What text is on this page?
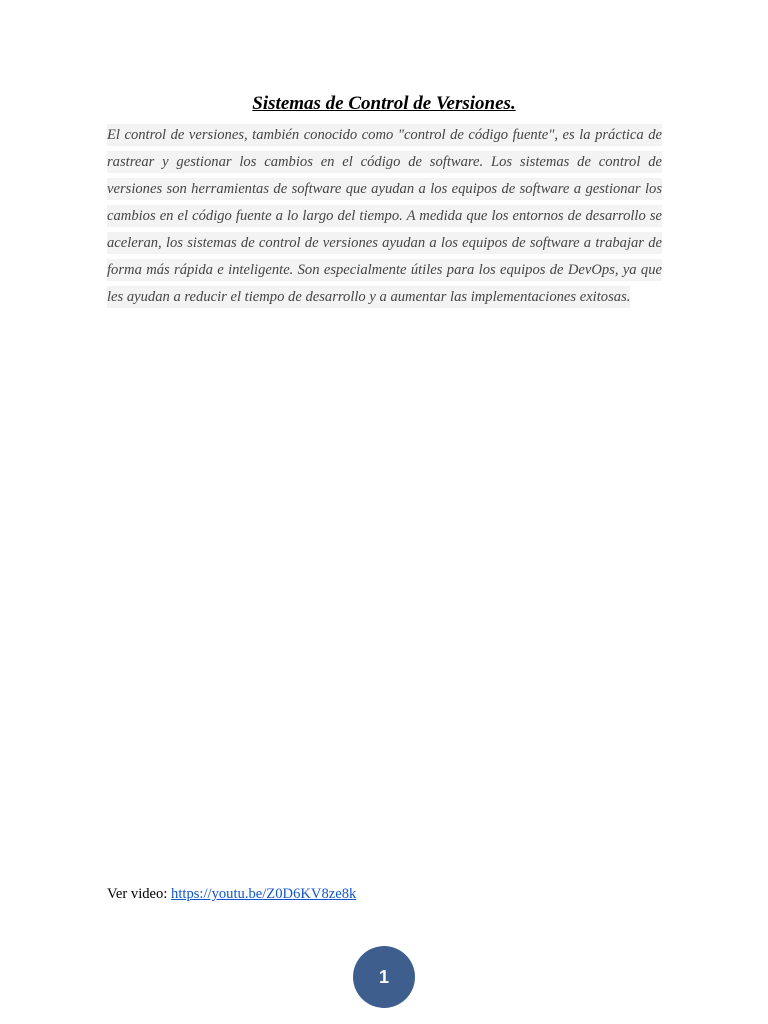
Sistemas de Control de Versiones.

El control de versiones, también conocido como "control de código fuente", es la práctica de rastrear y gestionar los cambios en el código de software. Los sistemas de control de versiones son herramientas de software que ayudan a los equipos de software a gestionar los cambios en el código fuente a lo largo del tiempo. A medida que los entornos de desarrollo se aceleran, los sistemas de control de versiones ayudan a los equipos de software a trabajar de forma más rápida e inteligente. Son especialmente útiles para los equipos de DevOps, ya que les ayudan a reducir el tiempo de desarrollo y a aumentar las implementaciones exitosas.

Ver video: https://youtu.be/Z0D6KV8ze8k
1
